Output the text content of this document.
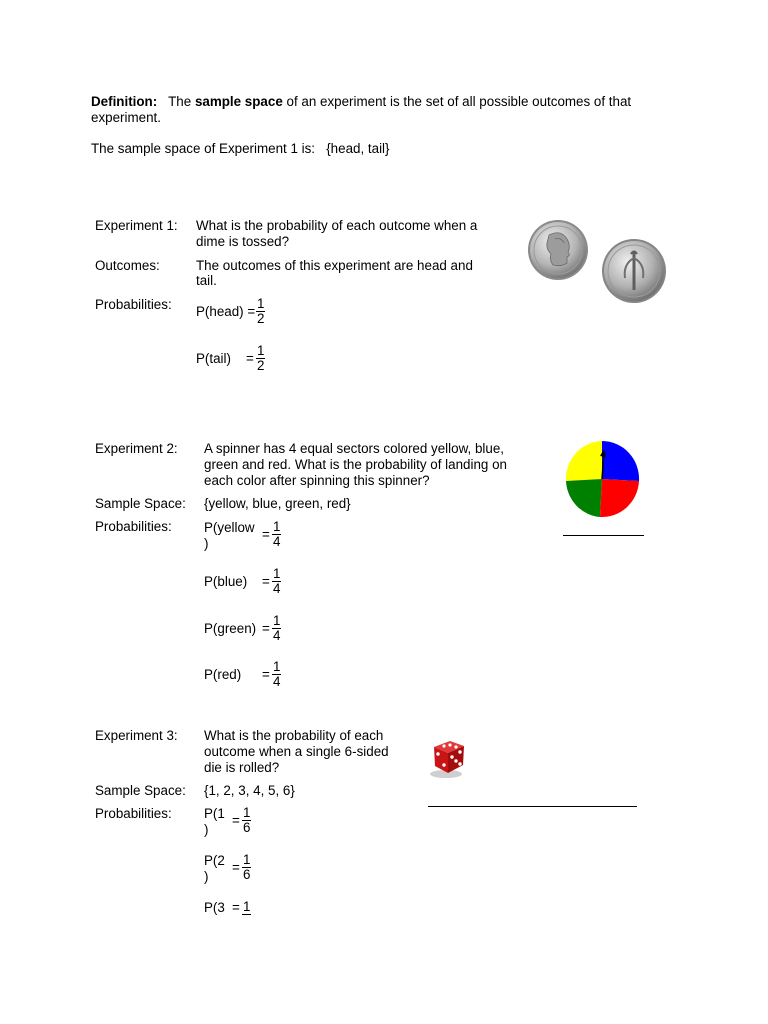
Definition: The sample space of an experiment is the set of all possible outcomes of that
experiment.
The sample space of Experiment 1 is: {head, tail}
Experiment 1: What is the probability of each outcome when a
dime is tossed?
Outcomes:	The outcomes of this experiment are head and
tail.
Probabilities: P(head) = $\frac{1}{2}$
P(tail) = $\frac{1}{2}$
Experiment 2: A spinner has 4 equal sectors colored yellow, blue,
green and red. What is the probability of landing on
each color after spinning this spinner?
Sample Space: {yellow, blue, green, red}
Probabilities: P(yellow
)
= $\frac{1}{4}$
P(blue) = $\frac{1}{4}$
P(green) = $\frac{1}{4}$
$P(red) = \frac{1}{4}$
Experiment 3: What is the probability of each
outcome when a single 6-sided
die is rolled?
Sample Space: {1, 2, 3, 4, 5, 6}
Probabilities: P(1
)
= $\frac{1}{6}$
P(2
)
= $\frac{1}{6}$
P(3 = 1
